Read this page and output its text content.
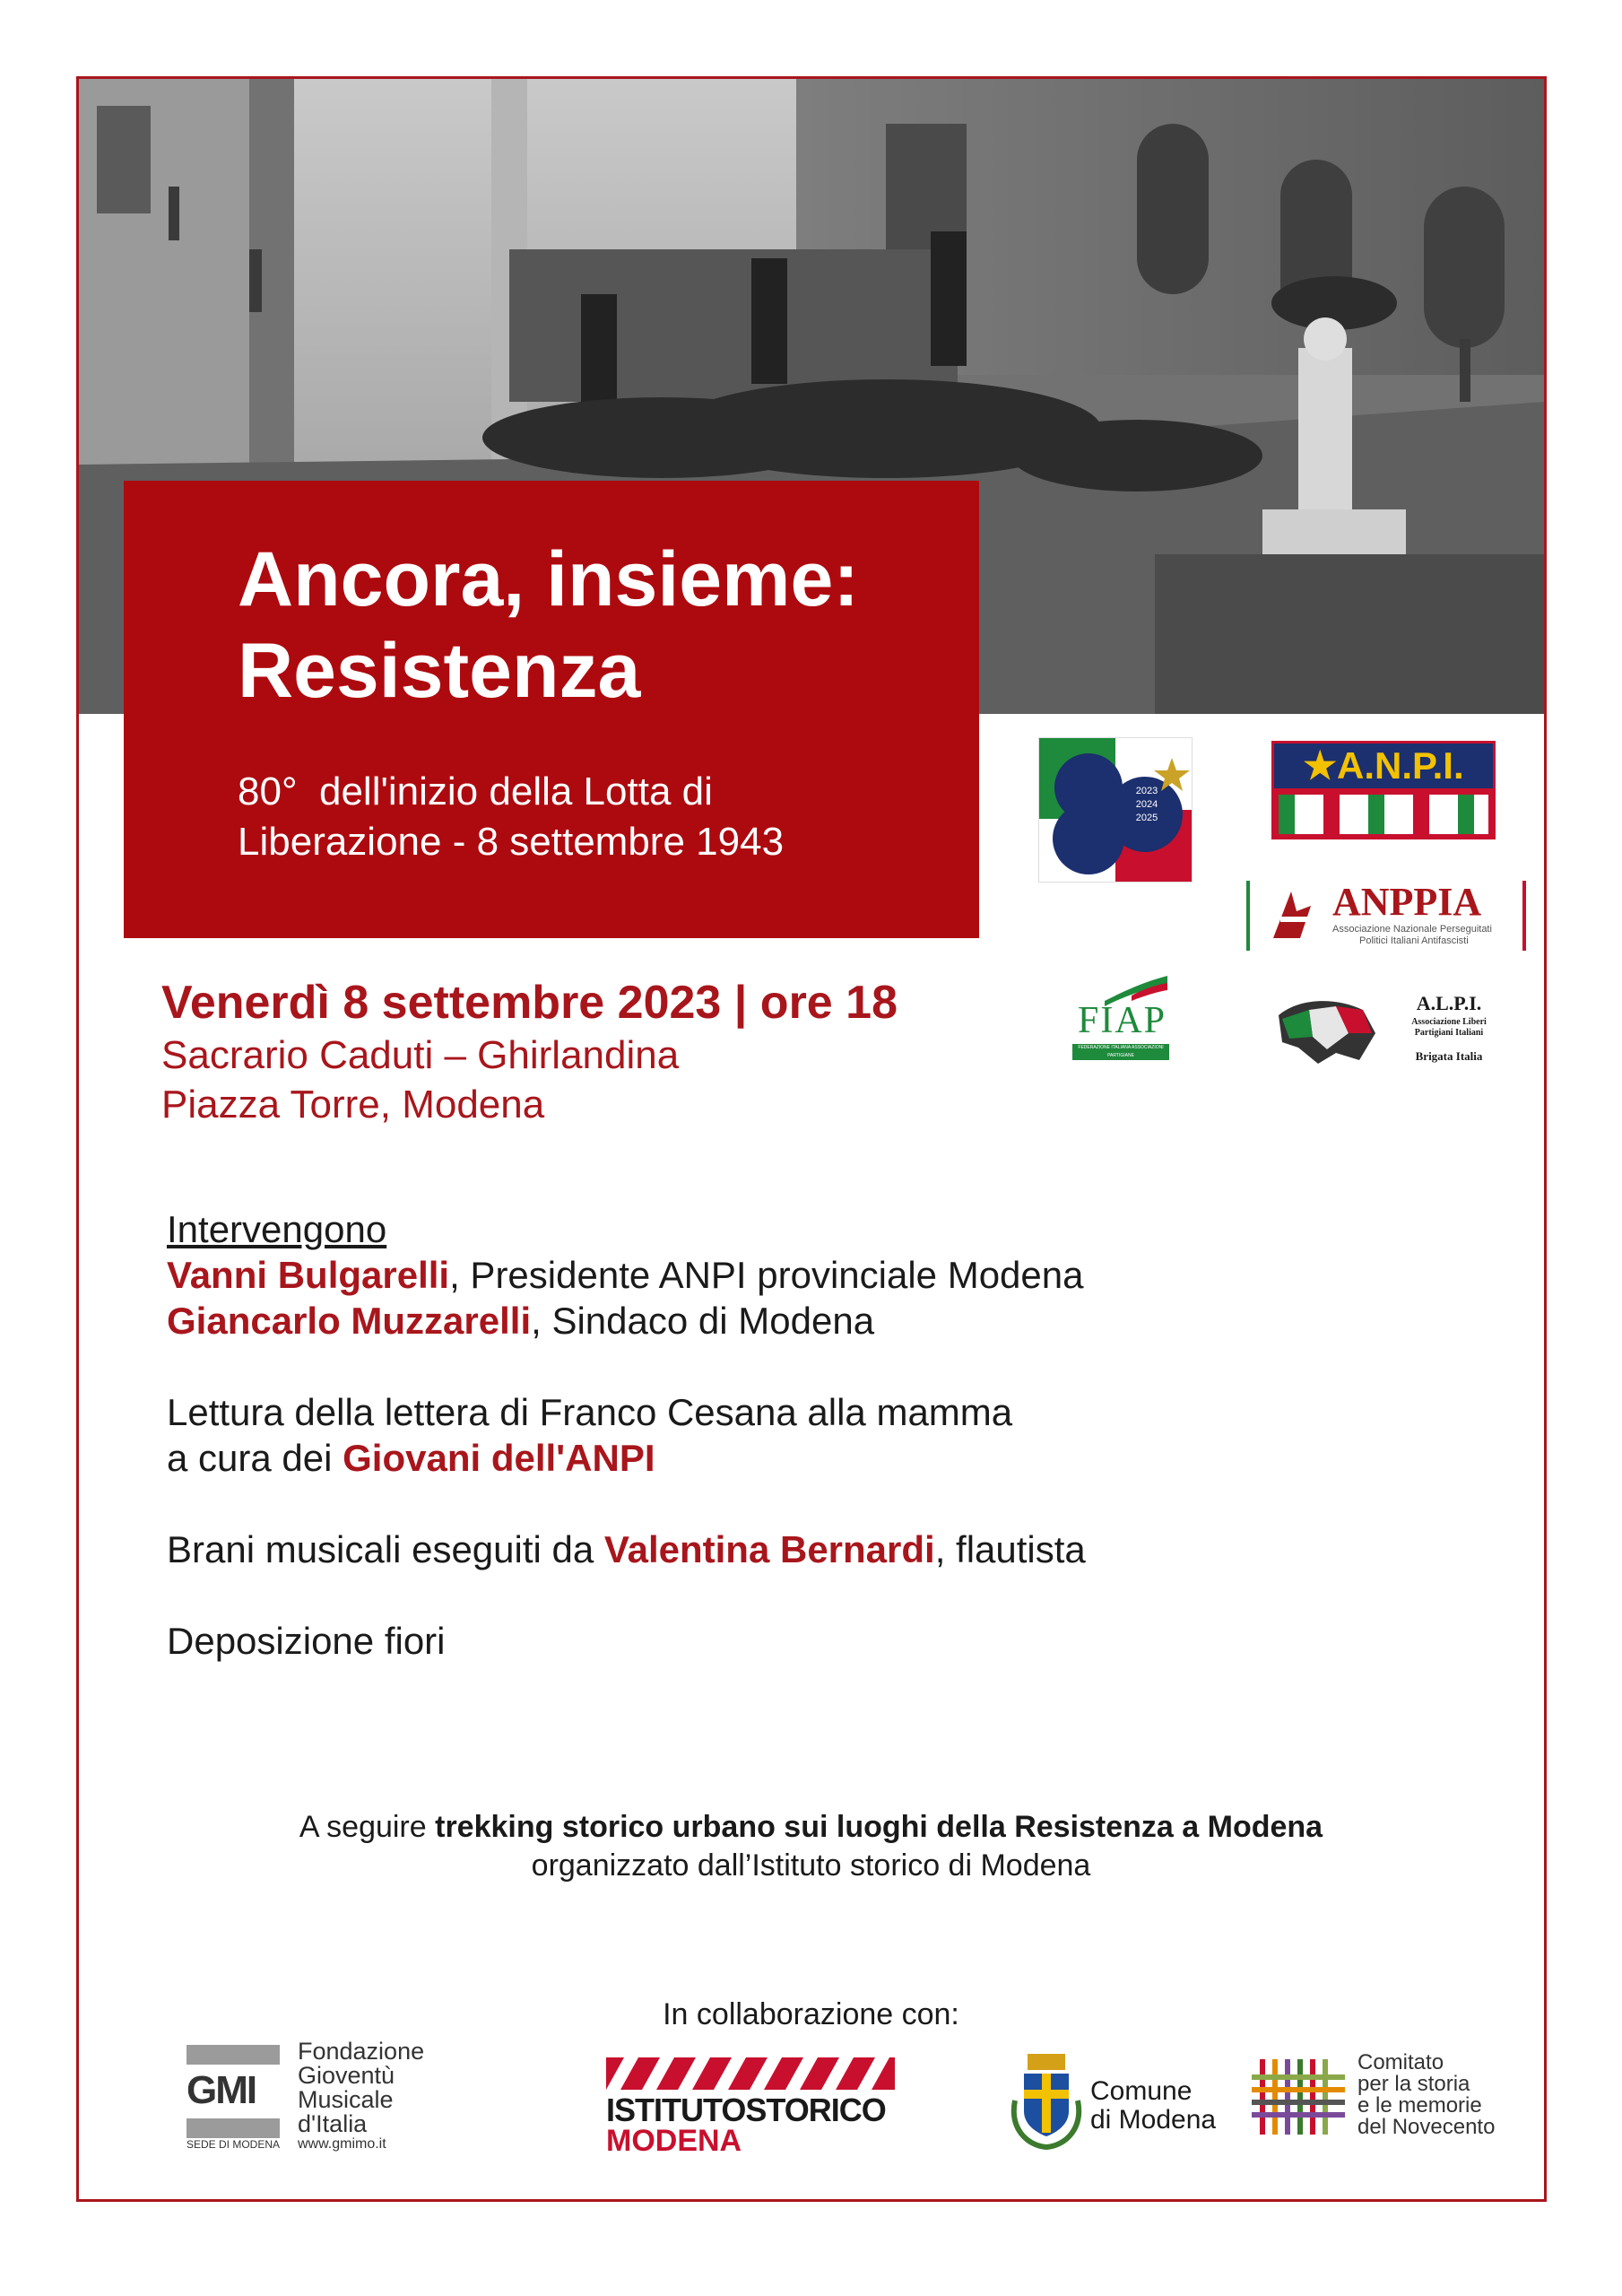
Ancora, insieme:
Resistenza
80°  dell'inizio della Lotta di
Liberazione - 8 settembre 1943
2023
2024
2025
★A.N.P.I.
ANPPIA
Associazione Nazionale Perseguitati
Politici Italiani Antifascisti
FIAP
FEDERAZIONE ITALIANA ASSOCIAZIONI PARTIGIANE
A.L.P.I.
Associazione Liberi
Partigiani Italiani
Brigata Italia
Venerdì 8 settembre 2023 | ore 18
Sacrario Caduti – Ghirlandina
Piazza Torre, Modena
Intervengono
Vanni Bulgarelli, Presidente ANPI provinciale Modena
Giancarlo Muzzarelli, Sindaco di Modena
Lettura della lettera di Franco Cesana alla mamma
a cura dei Giovani dell'ANPI
Brani musicali eseguiti da Valentina Bernardi, flautista
Deposizione fiori
A seguire trekking storico urbano sui luoghi della Resistenza a Modena
organizzato dall’Istituto storico di Modena
In collaborazione con:
GMI
Fondazione
Gioventù
Musicale
d'Italia
SEDE DI MODENA www.gmimo.it
ISTITUTOSTORICO
MODENA
Comune
di Modena
Comitato
per la storia
e le memorie
del Novecento
